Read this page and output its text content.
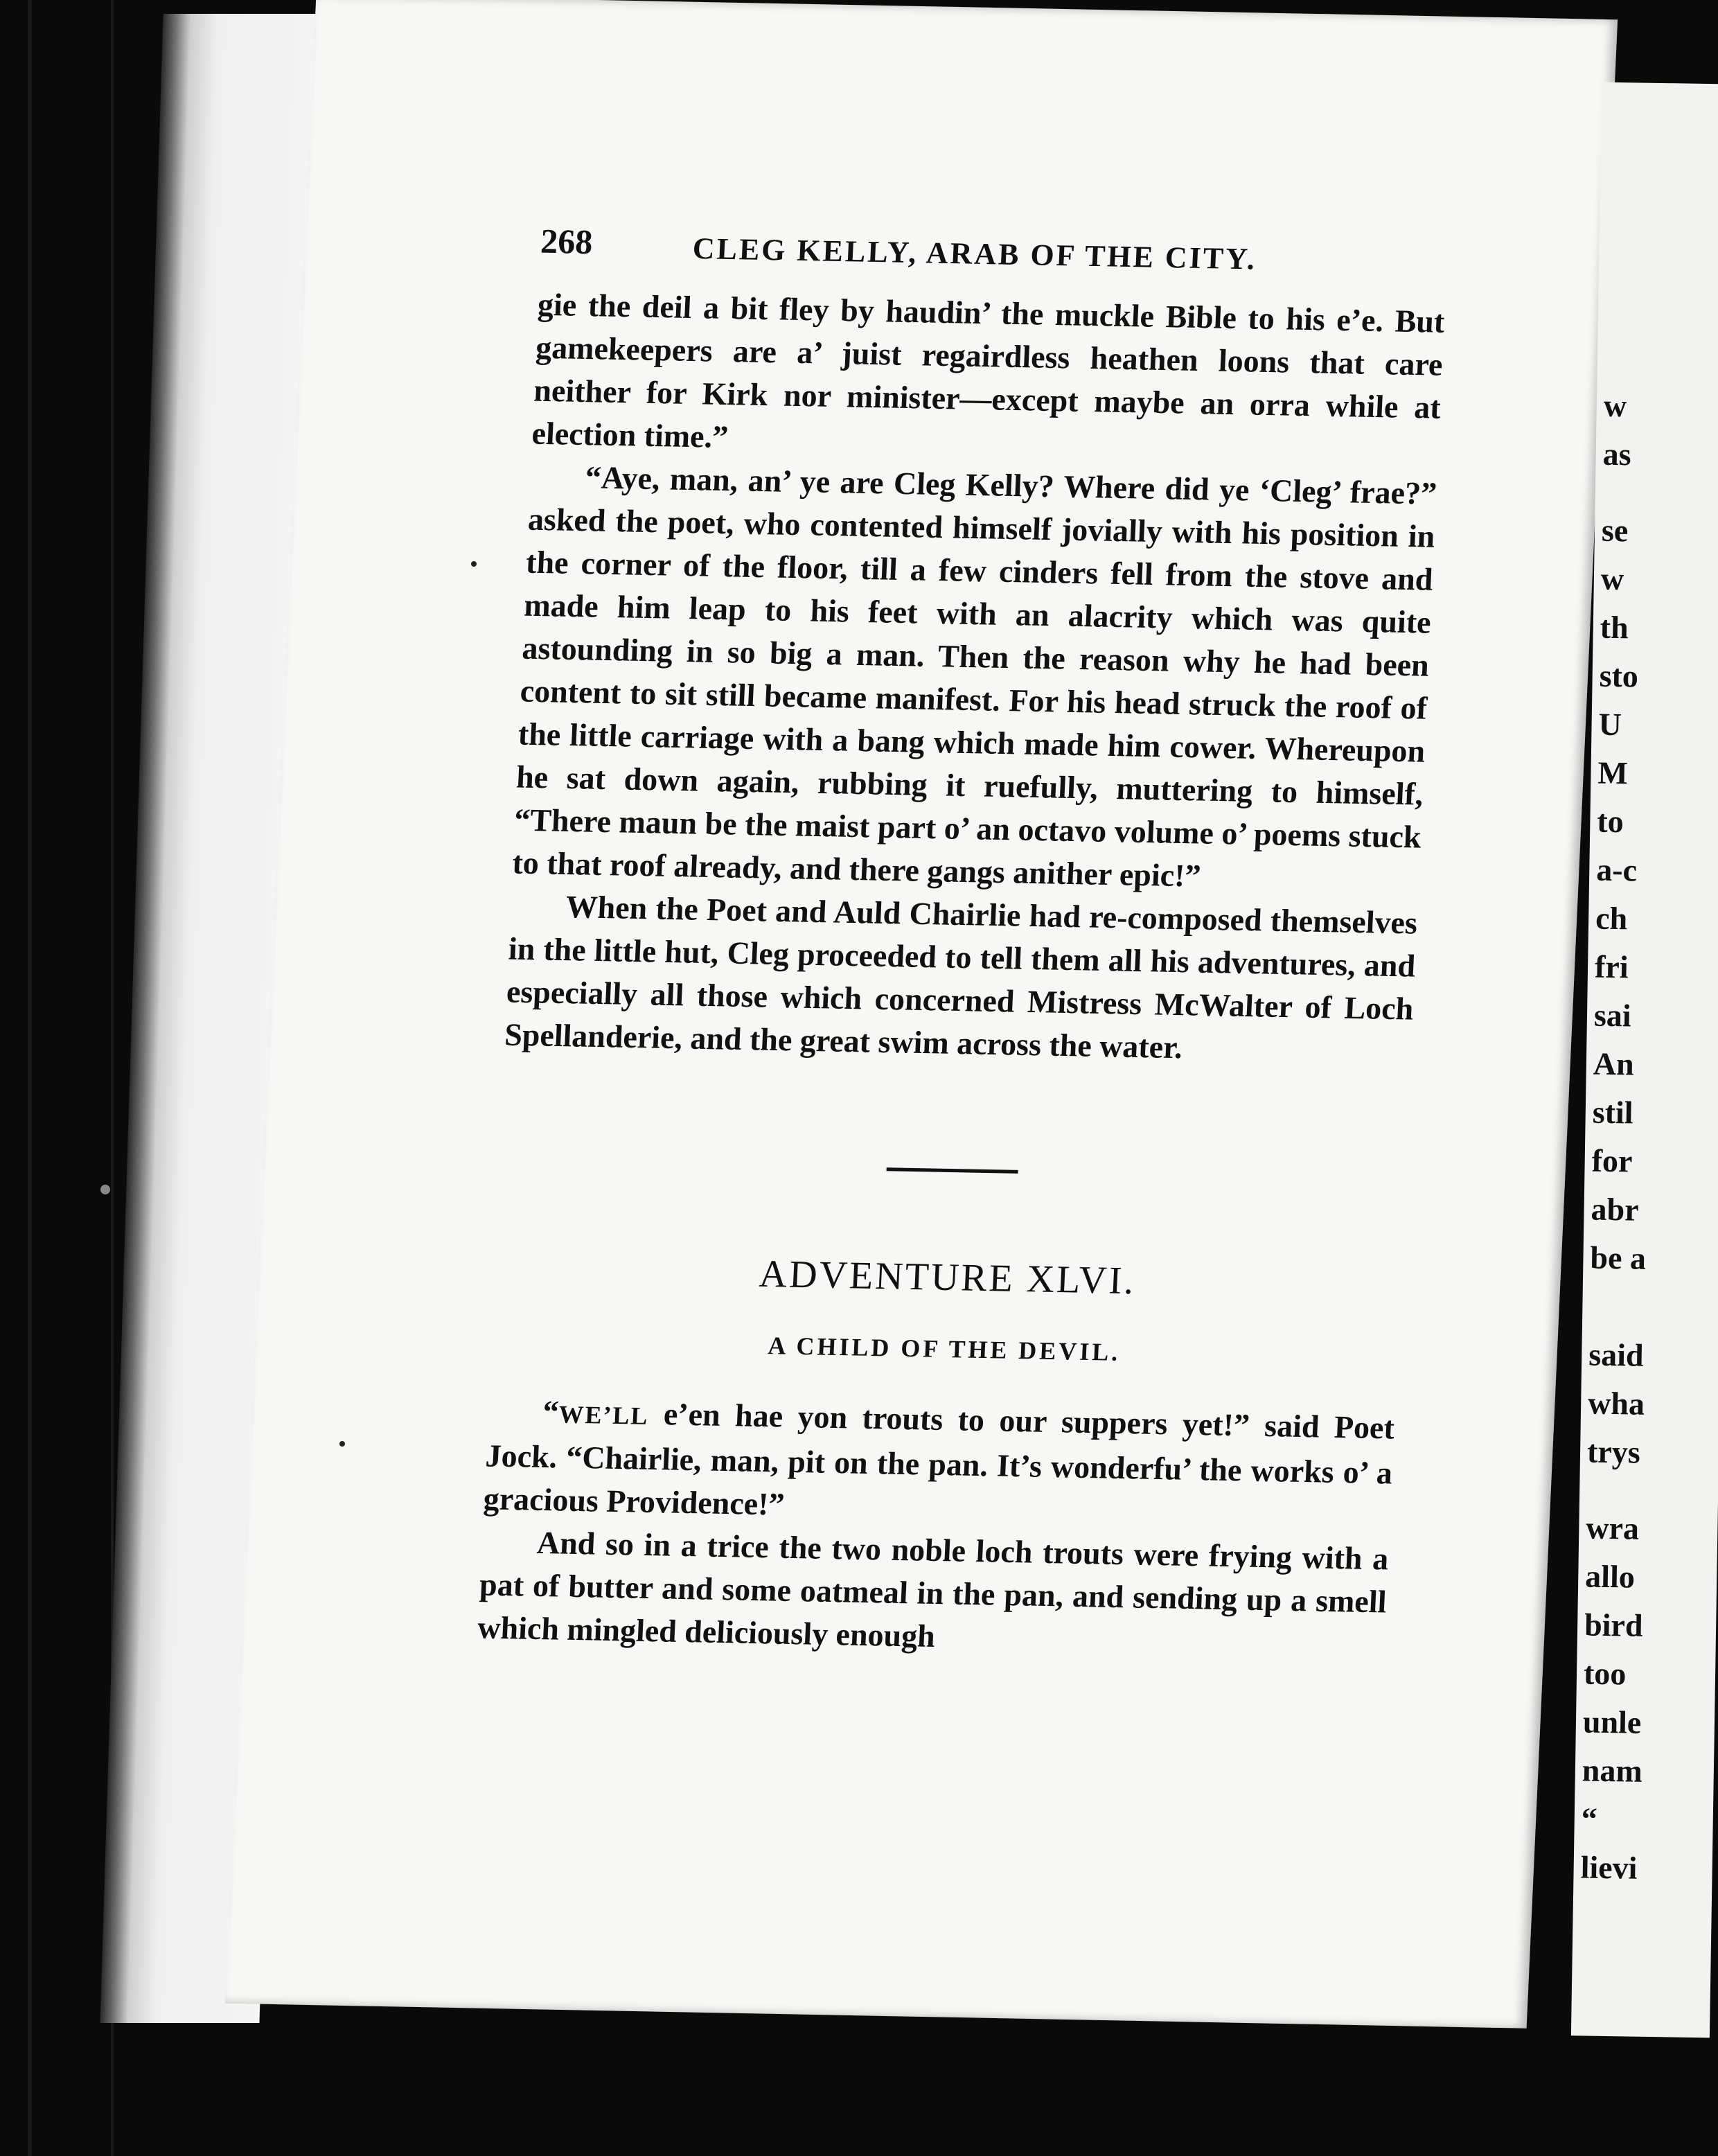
268	CLEG KELLY, ARAB OF THE CITY.

gie the deil a bit fley by haudin’ the muckle Bible to his e’e. But gamekeepers are a’ juist regairdless heathen loons that care neither for Kirk nor minister—except maybe an orra while at election time.”

“Aye, man, an’ ye are Cleg Kelly? Where did ye ‘Cleg’ frae?” asked the poet, who contented himself jovially with his position in the corner of the floor, till a few cinders fell from the stove and made him leap to his feet with an alacrity which was quite astounding in so big a man. Then the reason why he had been content to sit still became manifest. For his head struck the roof of the little carriage with a bang which made him cower. Whereupon he sat down again, rubbing it ruefully, muttering to himself, “There maun be the maist part o’ an octavo volume o’ poems stuck to that roof already, and there gangs anither epic!”

When the Poet and Auld Chairlie had re-composed themselves in the little hut, Cleg proceeded to tell them all his adventures, and especially all those which concerned Mistress McWalter of Loch Spellanderie, and the great swim across the water.

ADVENTURE XLVI.
A CHILD OF THE DEVIL.

“WE’LL e’en hae yon trouts to our suppers yet!” said Poet Jock. “Chairlie, man, pit on the pan. It’s wonderfu’ the works o’ a gracious Providence!”

And so in a trice the two noble loch trouts were frying with a pat of butter and some oatmeal in the pan, and sending up a smell which mingled deliciously enough

w
as
se
w
th
sto
U
M
to
a-c
ch
fri
sai
An
stil
for
abr
be a
said
wha
trys
wra
allo
bird
too
unle
nam
“
lievi
